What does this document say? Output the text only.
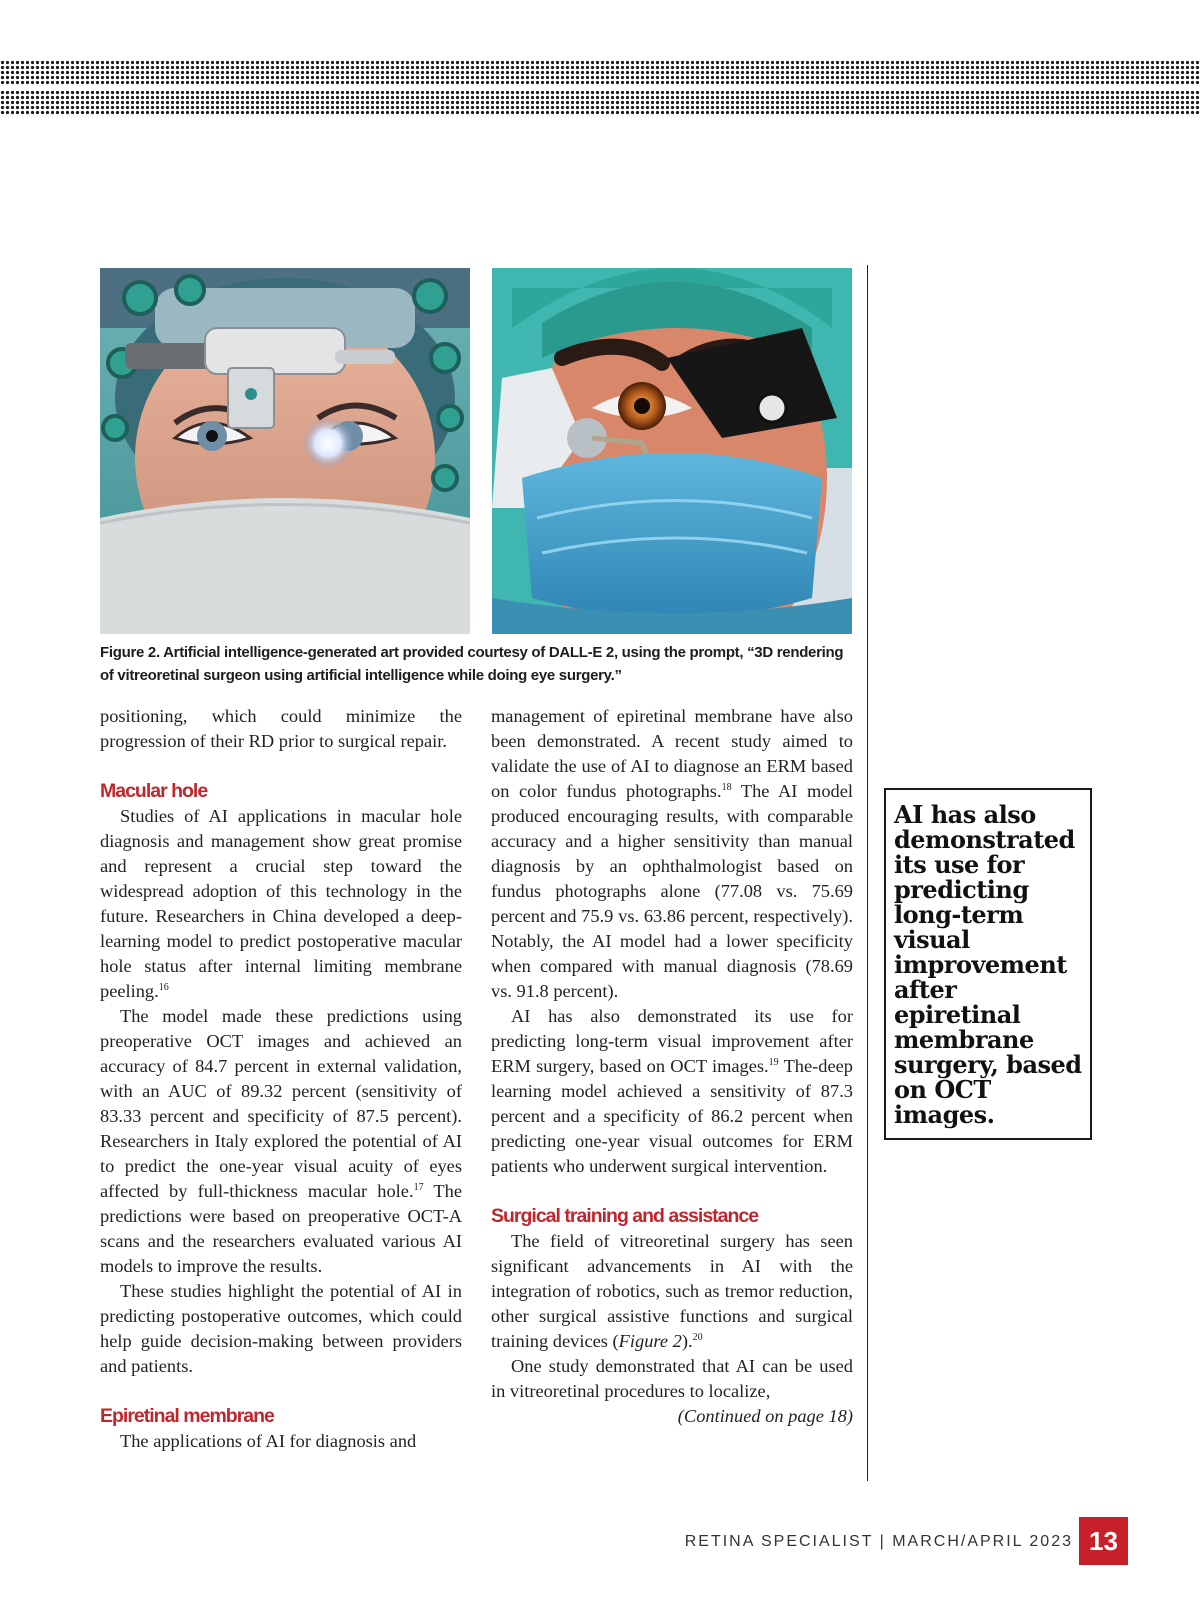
Figure 2. Artificial intelligence-generated art provided courtesy of DALL-E 2, using the prompt, “3D rendering of vitreoretinal surgeon using artificial intelligence while doing eye surgery.”

positioning, which could minimize the progression of their RD prior to surgical repair.

Macular hole

Studies of AI applications in macular hole diagnosis and management show great promise and represent a crucial step toward the widespread adoption of this technology in the future. Researchers in China developed a deep-learning model to predict postoperative macular hole status after internal limiting membrane peeling.$^{16}$

The model made these predictions using preoperative OCT images and achieved an accuracy of 84.7 percent in external validation, with an AUC of 89.32 percent (sensitivity of 83.33 percent and specificity of 87.5 percent). Researchers in Italy explored the potential of AI to predict the one-year visual acuity of eyes affected by full-thickness macular hole.$^{17}$ The predictions were based on preoperative OCT-A scans and the researchers evaluated various AI models to improve the results.

These studies highlight the potential of AI in predicting postoperative outcomes, which could help guide decision-making between providers and patients.

Epiretinal membrane

The applications of AI for diagnosis and

management of epiretinal membrane have also been demonstrated. A recent study aimed to validate the use of AI to diagnose an ERM based on color fundus photographs.$^{18}$ The AI model produced encouraging results, with comparable accuracy and a higher sensitivity than manual diagnosis by an ophthalmologist based on fundus photographs alone (77.08 vs. 75.69 percent and 75.9 vs. 63.86 percent, respectively). Notably, the AI model had a lower specificity when compared with manual diagnosis (78.69 vs. 91.8 percent).

AI has also demonstrated its use for predicting long-term visual improvement after ERM surgery, based on OCT images.$^{19}$ The-deep learning model achieved a sensitivity of 87.3 percent and a specificity of 86.2 percent when predicting one-year visual outcomes for ERM patients who underwent surgical intervention.

Surgical training and assistance

The field of vitreoretinal surgery has seen significant advancements in AI with the integration of robotics, such as tremor reduction, other surgical assistive functions and surgical training devices (Figure 2).$^{20}$

One study demonstrated that AI can be used in vitreoretinal procedures to localize,

(Continued on page 18)

AI has also demonstrated its use for predicting long-term visual improvement after epiretinal membrane surgery, based on OCT images.
RETINA SPECIALIST | MARCH/APRIL 2023 13
